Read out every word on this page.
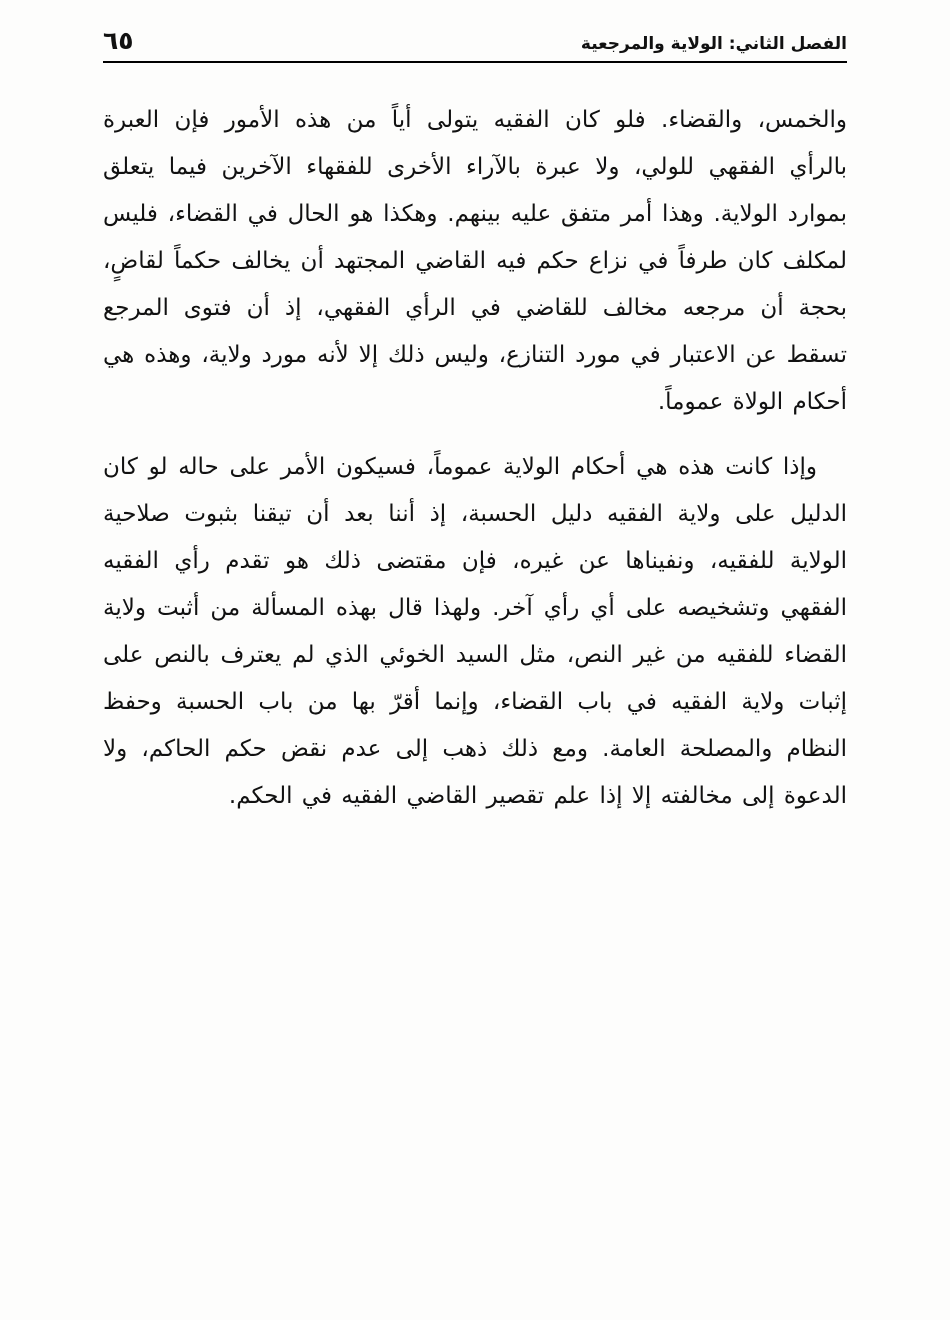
٦٥	الفصل الثاني: الولاية والمرجعية

والخمس، والقضاء. فلو كان الفقيه يتولى أياً من هذه الأمور فإن العبرة بالرأي الفقهي للولي، ولا عبرة بالآراء الأخرى للفقهاء الآخرين فيما يتعلق بموارد الولاية. وهذا أمر متفق عليه بينهم. وهكذا هو الحال في القضاء، فليس لمكلف كان طرفاً في نزاع حكم فيه القاضي المجتهد أن يخالف حكماً لقاضٍ، بحجة أن مرجعه مخالف للقاضي في الرأي الفقهي، إذ أن فتوى المرجع تسقط عن الاعتبار في مورد التنازع، وليس ذلك إلا لأنه مورد ولاية، وهذه هي أحكام الولاة عموماً.

وإذا كانت هذه هي أحكام الولاية عموماً، فسيكون الأمر على حاله لو كان الدليل على ولاية الفقيه دليل الحسبة، إذ أننا بعد أن تيقنا بثبوت صلاحية الولاية للفقيه، ونفيناها عن غيره، فإن مقتضى ذلك هو تقدم رأي الفقيه الفقهي وتشخيصه على أي رأي آخر. ولهذا قال بهذه المسألة من أثبت ولاية القضاء للفقيه من غير النص، مثل السيد الخوئي الذي لم يعترف بالنص على إثبات ولاية الفقيه في باب القضاء، وإنما أقرّ بها من باب الحسبة وحفظ النظام والمصلحة العامة. ومع ذلك ذهب إلى عدم نقض حكم الحاكم، ولا الدعوة إلى مخالفته إلا إذا علم تقصير القاضي الفقيه في الحكم.
